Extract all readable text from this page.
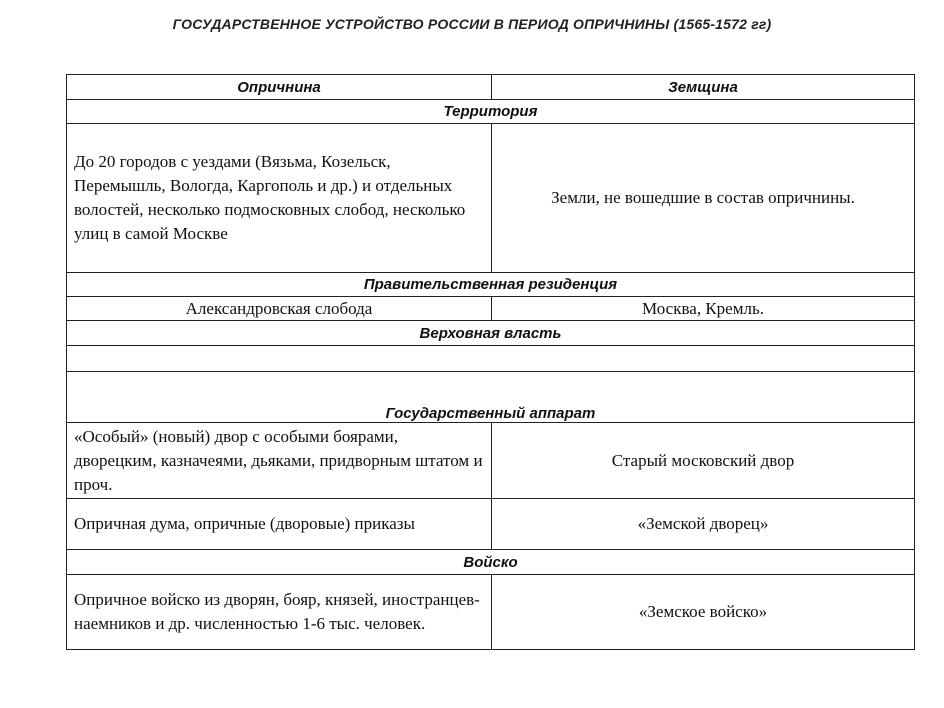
ГОСУДАРСТВЕННОЕ УСТРОЙСТВО РОССИИ В ПЕРИОД ОПРИЧНИНЫ (1565-1572 гг)
Опричнина	Земщина
Территория	
До 20 городов с уездами (Вязьма, Козельск, Перемышль, Вологда, Каргополь и др.) и отдельных волостей, несколько подмосковных слобод, несколько улиц в самой Москве	Земли, не вошедшие в состав опричнины.
Правительственная резиденция	
Александровская слобода	Москва, Кремль.
Верховная власть	

Государственный аппарат	
«Особый» (новый) двор с особыми боярами, дворецким, казначеями, дьяками, придворным штатом и проч.	Старый московский двор
Опричная дума, опричные (дворовые) приказы	«Земской дворец»
Войско	
Опричное войско из дворян, бояр, князей, иностранцев-наемников и др. численностью 1-6 тыс. человек.	«Земское войско»
